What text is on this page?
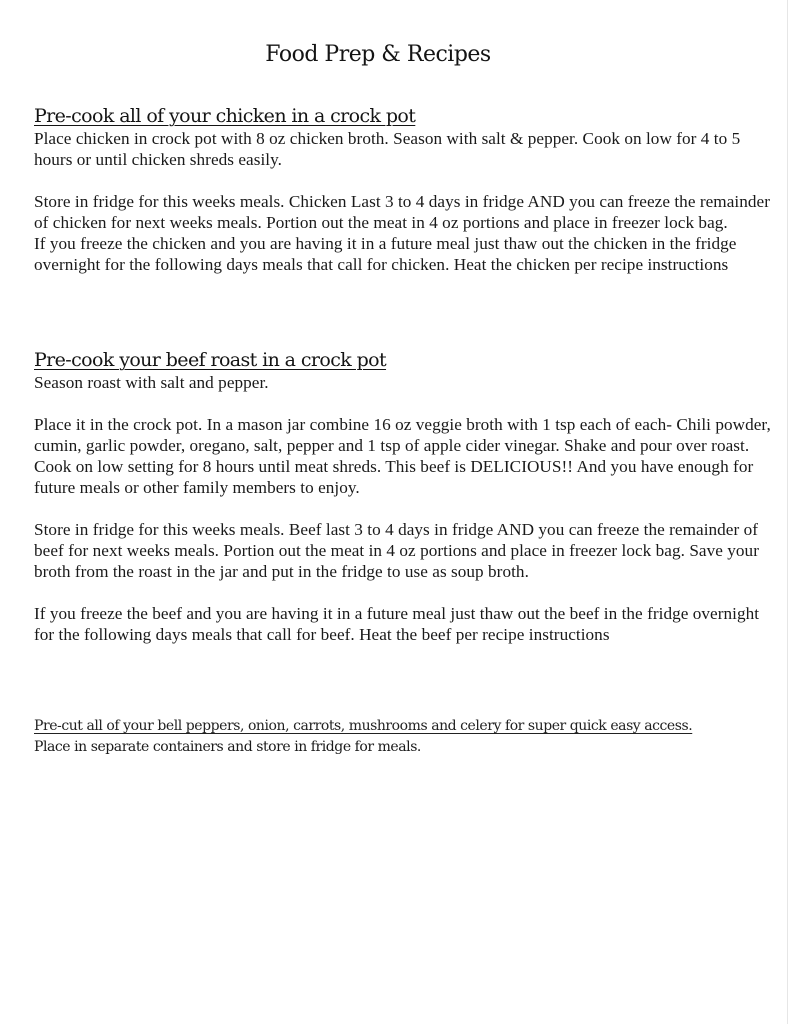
Food Prep & Recipes
Pre-cook all of your chicken in a crock pot

Place chicken in crock pot with 8 oz chicken broth. Season with salt & pepper. Cook on low for 4 to 5 hours or until chicken shreds easily.

Store in fridge for this weeks meals. Chicken Last 3 to 4 days in fridge AND you can freeze the remainder of chicken for next weeks meals. Portion out the meat in 4 oz portions and place in freezer lock bag.

If you freeze the chicken and you are having it in a future meal just thaw out the chicken in the fridge overnight for the following days meals that call for chicken. Heat the chicken per recipe instructions

Pre-cook your beef roast in a crock pot

Season roast with salt and pepper.

Place it in the crock pot. In a mason jar combine 16 oz veggie broth with 1 tsp each of each- Chili powder, cumin, garlic powder, oregano, salt, pepper and 1 tsp of apple cider vinegar. Shake and pour over roast. Cook on low setting for 8 hours until meat shreds. This beef is DELICIOUS!! And you have enough for future meals or other family members to enjoy.

Store in fridge for this weeks meals. Beef last 3 to 4 days in fridge AND you can freeze the remainder of beef for next weeks meals. Portion out the meat in 4 oz portions and place in freezer lock bag. Save your broth from the roast in the jar and put in the fridge to use as soup broth.

If you freeze the beef and you are having it in a future meal just thaw out the beef in the fridge overnight for the following days meals that call for beef. Heat the beef per recipe instructions

Pre-cut all of your bell peppers, onion, carrots, mushrooms and celery for super quick easy access.

Place in separate containers and store in fridge for meals.
